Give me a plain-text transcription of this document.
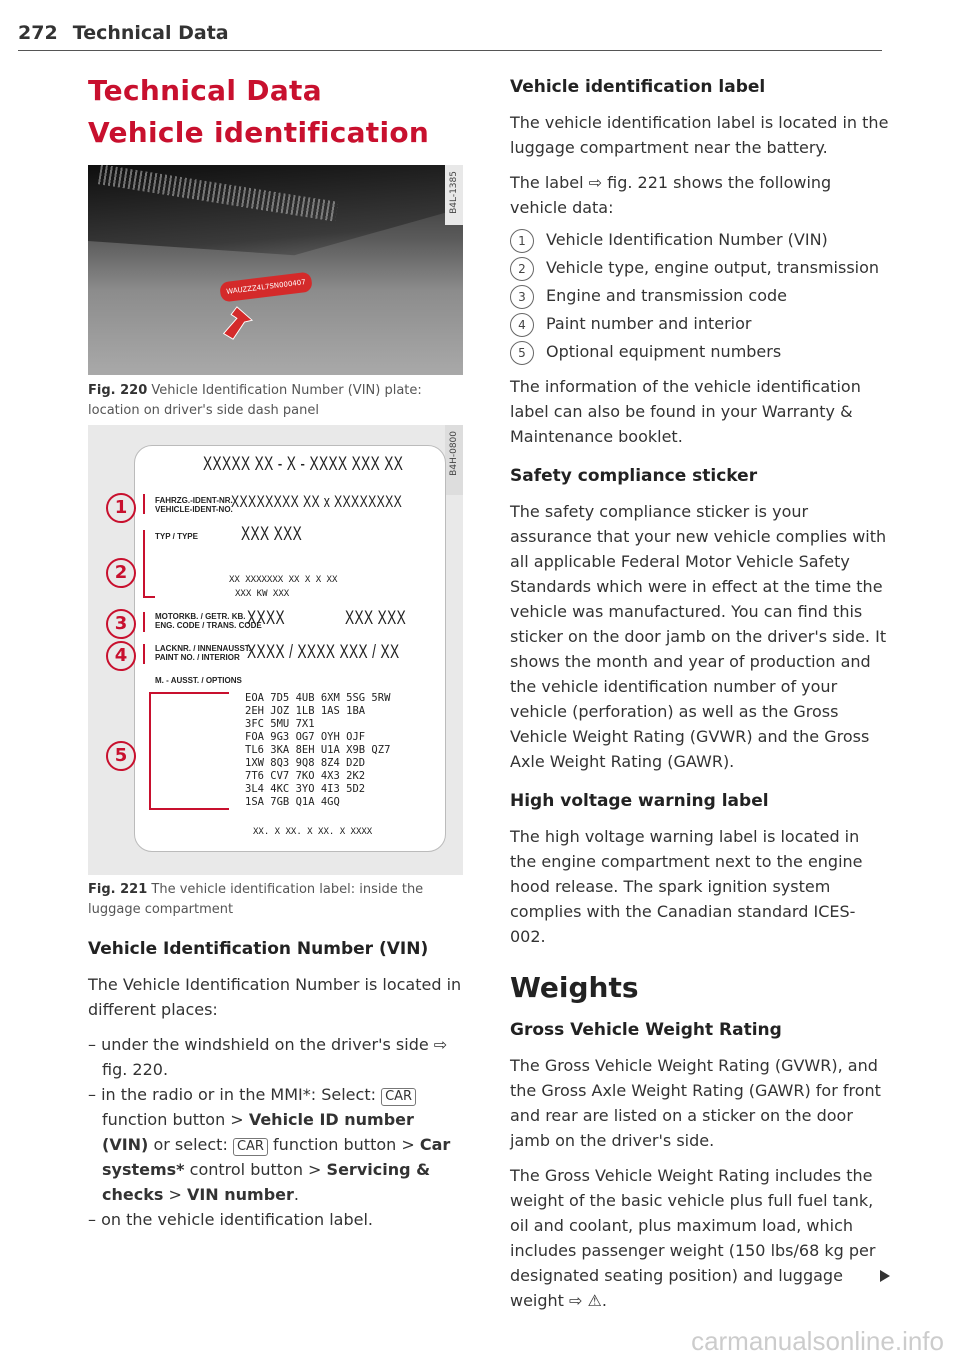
272 Technical Data
Technical Data
Vehicle identification
WAUZZZ4L7SN000407
B4L-1385
Fig. 220 Vehicle Identification Number (VIN) plate: location on driver's side dash panel
B4H-0800
XXXXX XX - X - XXXX XXX XX
FAHRZG.-IDENT-NR.
VEHICLE-IDENT-NO.
XXXXXXXX XX x XXXXXXXX
TYP / TYPE XXX XXX
XX XXXXXXX XX X X XX
XXX KW XXX
MOTORKB. / GETR. KB.
ENG. CODE / TRANS. CODE
XXXX	XXX XXX
LACKNR. / INNENAUSST.
PAINT NO. / INTERIOR XXXX / XXXX XXX / XX
M. - AUSST. / OPTIONS
EOA 7D5 4UB 6XM 5SG 5RW
2EH JOZ 1LB 1AS 1BA
3FC 5MU 7X1
FOA 9G3 OG7 OYH OJF
TL6 3KA 8EH U1A X9B QZ7
1XW 8Q3 9Q8 8Z4 D2D
7T6 CV7 7KO 4X3 2K2
3L4 4KC 3YO 4I3 5D2
1SA 7GB Q1A 4GQ
XX. X XX. X XX. X XXXX
1
2
3
4
5
Fig. 221 The vehicle identification label: inside the luggage compartment
Vehicle Identification Number (VIN)
The Vehicle Identification Number is located in different places:
– under the windshield on the driver's side ⇨ fig. 220.
– in the radio or in the MMI*: Select: CAR function button > Vehicle ID number (VIN) or select: CAR function button > Car systems* control button > Servicing & checks > VIN number.
– on the vehicle identification label.
Vehicle identification label
The vehicle identification label is located in the luggage compartment near the battery.
The label ⇨ fig. 221 shows the following vehicle data:
1	Vehicle Identification Number (VIN)
2	Vehicle type, engine output, transmission
3	Engine and transmission code
4	Paint number and interior
5	Optional equipment numbers
The information of the vehicle identification label can also be found in your Warranty & Maintenance booklet.
Safety compliance sticker
The safety compliance sticker is your assurance that your new vehicle complies with all applicable Federal Motor Vehicle Safety Standards which were in effect at the time the vehicle was manufactured. You can find this sticker on the door jamb on the driver's side. It shows the month and year of production and the vehicle identification number of your vehicle (perforation) as well as the Gross Vehicle Weight Rating (GVWR) and the Gross Axle Weight Rating (GAWR).
High voltage warning label
The high voltage warning label is located in the engine compartment next to the engine hood release. The spark ignition system complies with the Canadian standard ICES-002.
Weights
Gross Vehicle Weight Rating
The Gross Vehicle Weight Rating (GVWR), and the Gross Axle Weight Rating (GAWR) for front and rear are listed on a sticker on the door jamb on the driver's side.
The Gross Vehicle Weight Rating includes the weight of the basic vehicle plus full fuel tank, oil and coolant, plus maximum load, which includes passenger weight (150 lbs/68 kg per designated seating position) and luggage weight ⇨ ⚠.
carmanualsonline.info
